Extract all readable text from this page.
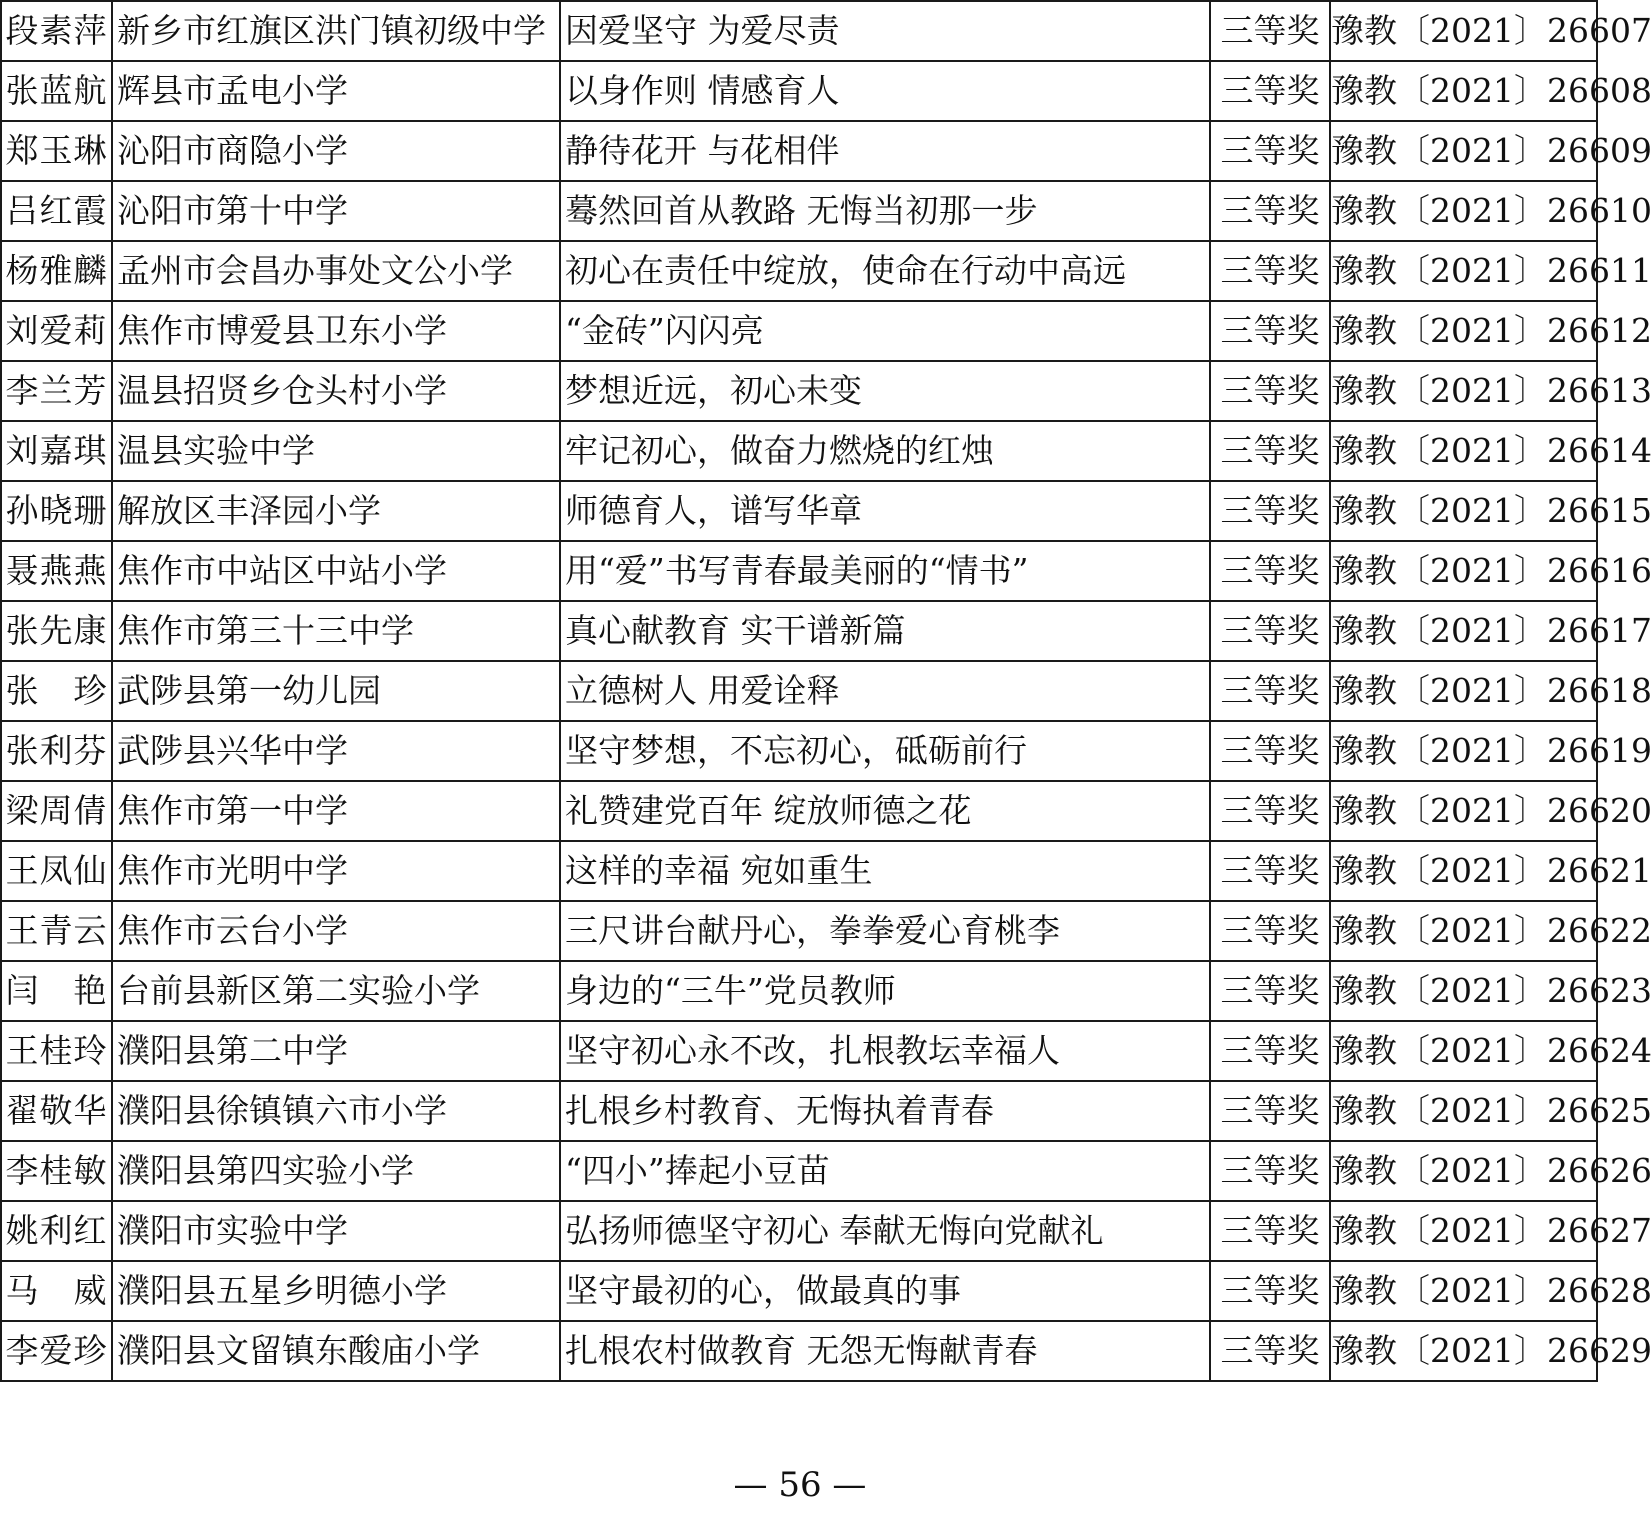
段素萍	新乡市红旗区洪门镇初级中学	因爱坚守 为爱尽责	三等奖	豫教〔2021〕26607
张蓝航	辉县市孟电小学	以身作则 情感育人	三等奖	豫教〔2021〕26608
郑玉琳	沁阳市商隐小学	静待花开 与花相伴	三等奖	豫教〔2021〕26609
吕红霞	沁阳市第十中学	蓦然回首从教路 无悔当初那一步	三等奖	豫教〔2021〕26610
杨雅麟	孟州市会昌办事处文公小学	初心在责任中绽放，使命在行动中高远	三等奖	豫教〔2021〕26611
刘爱莉	焦作市博爱县卫东小学	“金砖”闪闪亮	三等奖	豫教〔2021〕26612
李兰芳	温县招贤乡仓头村小学	梦想近远，初心未变	三等奖	豫教〔2021〕26613
刘嘉琪	温县实验中学	牢记初心，做奋力燃烧的红烛	三等奖	豫教〔2021〕26614
孙晓珊	解放区丰泽园小学	师德育人，谱写华章	三等奖	豫教〔2021〕26615
聂燕燕	焦作市中站区中站小学	用“爱”书写青春最美丽的“情书”	三等奖	豫教〔2021〕26616
张先康	焦作市第三十三中学	真心献教育 实干谱新篇	三等奖	豫教〔2021〕26617
张　珍	武陟县第一幼儿园	立德树人 用爱诠释	三等奖	豫教〔2021〕26618
张利芬	武陟县兴华中学	坚守梦想，不忘初心，砥砺前行	三等奖	豫教〔2021〕26619
梁周倩	焦作市第一中学	礼赞建党百年 绽放师德之花	三等奖	豫教〔2021〕26620
王凤仙	焦作市光明中学	这样的幸福 宛如重生	三等奖	豫教〔2021〕26621
王青云	焦作市云台小学	三尺讲台献丹心，拳拳爱心育桃李	三等奖	豫教〔2021〕26622
闫　艳	台前县新区第二实验小学	身边的“三牛”党员教师	三等奖	豫教〔2021〕26623
王桂玲	濮阳县第二中学	坚守初心永不改，扎根教坛幸福人	三等奖	豫教〔2021〕26624
翟敬华	濮阳县徐镇镇六市小学	扎根乡村教育、无悔执着青春	三等奖	豫教〔2021〕26625
李桂敏	濮阳县第四实验小学	“四小”捧起小豆苗	三等奖	豫教〔2021〕26626
姚利红	濮阳市实验中学	弘扬师德坚守初心 奉献无悔向党献礼	三等奖	豫教〔2021〕26627
马　威	濮阳县五星乡明德小学	坚守最初的心，做最真的事	三等奖	豫教〔2021〕26628
李爱珍	濮阳县文留镇东酸庙小学	扎根农村做教育 无怨无悔献青春	三等奖	豫教〔2021〕26629
— 56 —
